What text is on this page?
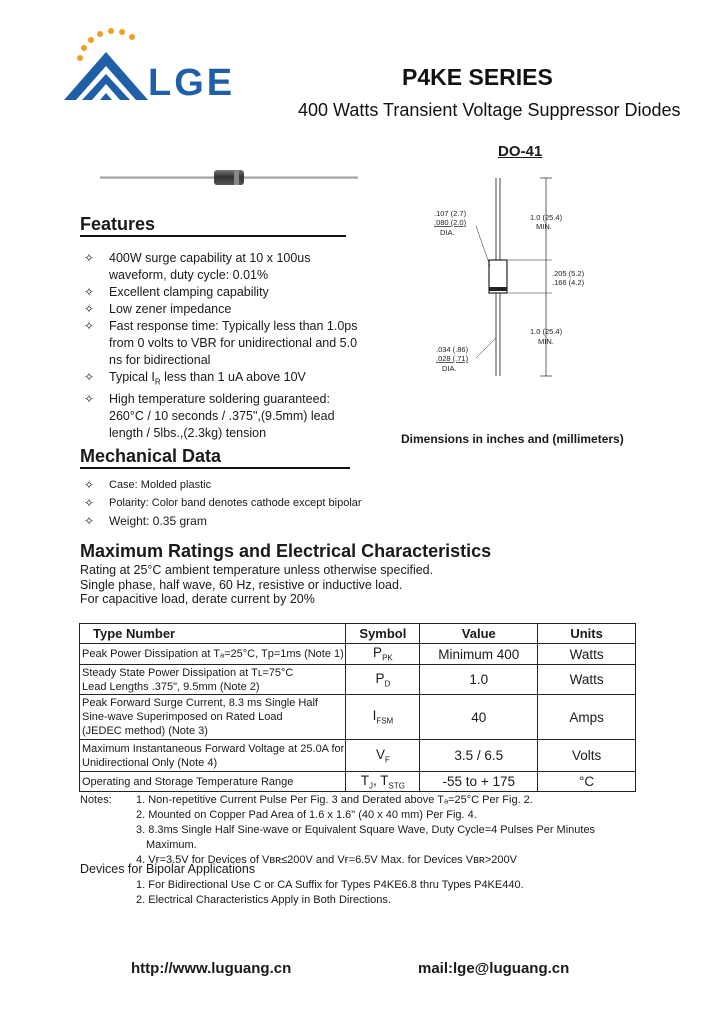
LGE	P4KE SERIES
400 Watts Transient Voltage Suppressor Diodes
DO-41
.107 (2.7)
.080 (2.0)
DIA.
1.0 (25.4)
MIN.
.205 (5.2)
.166 (4.2)
1.0 (25.4)
MIN.
.034 (.86)
.028 (.71)
DIA.
Dimensions in inches and (millimeters)
Features
✧ 400W surge capability at 10 x 100us waveform, duty cycle: 0.01%
✧ Excellent clamping capability
✧ Low zener impedance
✧ Fast response time: Typically less than 1.0ps from 0 volts to VBR for unidirectional and 5.0 ns for bidirectional
✧ Typical $I_R$ less than 1 uA above 10V
✧ High temperature soldering guaranteed: 260°C / 10 seconds / .375",(9.5mm) lead length / 5lbs.,(2.3kg) tension
Mechanical Data
✧ Case: Molded plastic
✧ Polarity: Color band denotes cathode except bipolar
✧ Weight: 0.35 gram
Maximum Ratings and Electrical Characteristics
Rating at 25°C ambient temperature unless otherwise specified.
Single phase, half wave, 60 Hz, resistive or inductive load.
For capacitive load, derate current by 20%
Type Number	Symbol	Value	Units

Peak Power Dissipation at Tₐ=25°C, Tp=1ms (Note 1)	$P_{PK}$	Minimum 400	Watts

Steady State Power Dissipation at Tʟ=75°C
Lead Lengths .375", 9.5mm (Note 2)	$P_D$	1.0	Watts

Peak Forward Surge Current, 8.3 ms Single Half
Sine-wave Superimposed on Rated Load
(JEDEC method) (Note 3)	$I_{FSM}$	40	Amps

Maximum Instantaneous Forward Voltage at 25.0A for
Unidirectional Only (Note 4)	$V_F$	3.5 / 6.5	Volts

Operating and Storage Temperature Range	$T_J$, $T_{STG}$	-55 to + 175	°C
Notes: 1. Non-repetitive Current Pulse Per Fig. 3 and Derated above Tₐ=25°C Per Fig. 2.
2. Mounted on Copper Pad Area of 1.6 x 1.6" (40 x 40 mm) Per Fig. 4.
3. 8.3ms Single Half Sine-wave or Equivalent Square Wave, Duty Cycle=4 Pulses Per Minutes
Maximum.
4. Vғ=3.5V for Devices of Vʙʀ≤200V and Vғ=6.5V Max. for Devices Vʙʀ>200V
Devices for Bipolar Applications
1. For Bidirectional Use C or CA Suffix for Types P4KE6.8 thru Types P4KE440.
2. Electrical Characteristics Apply in Both Directions.
http://www.luguang.cn	mail:lge@luguang.cn
